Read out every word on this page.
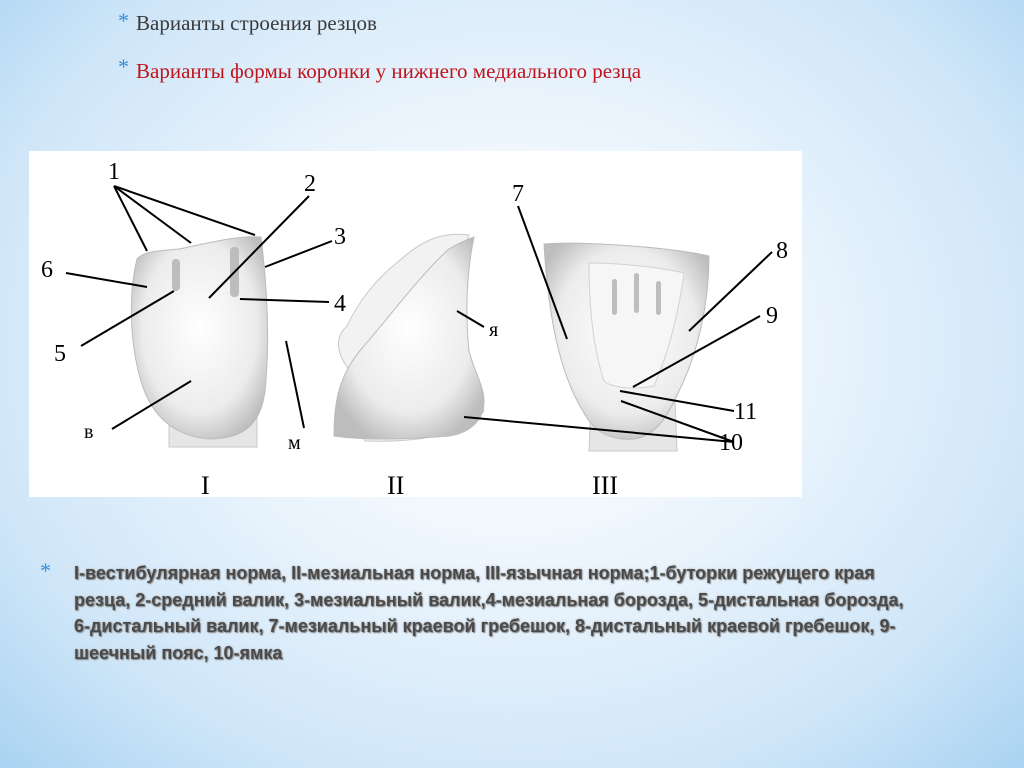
* Варианты строения резцов
* Варианты формы коронки у нижнего медиального резца
1	2
3
4
5
6
7
8
9
10
11
в	м
я
I	II	III
*	I-вестибулярная норма, II-мезиальная норма, III-язычная норма;1-буторки режущего края резца, 2-средний валик, 3-мезиальный валик,4-мезиальная борозда, 5-дистальная борозда, 6-дистальный валик, 7-мезиальный краевой гребешок, 8-дистальный краевой гребешок, 9-шеечный пояс, 10-ямка
